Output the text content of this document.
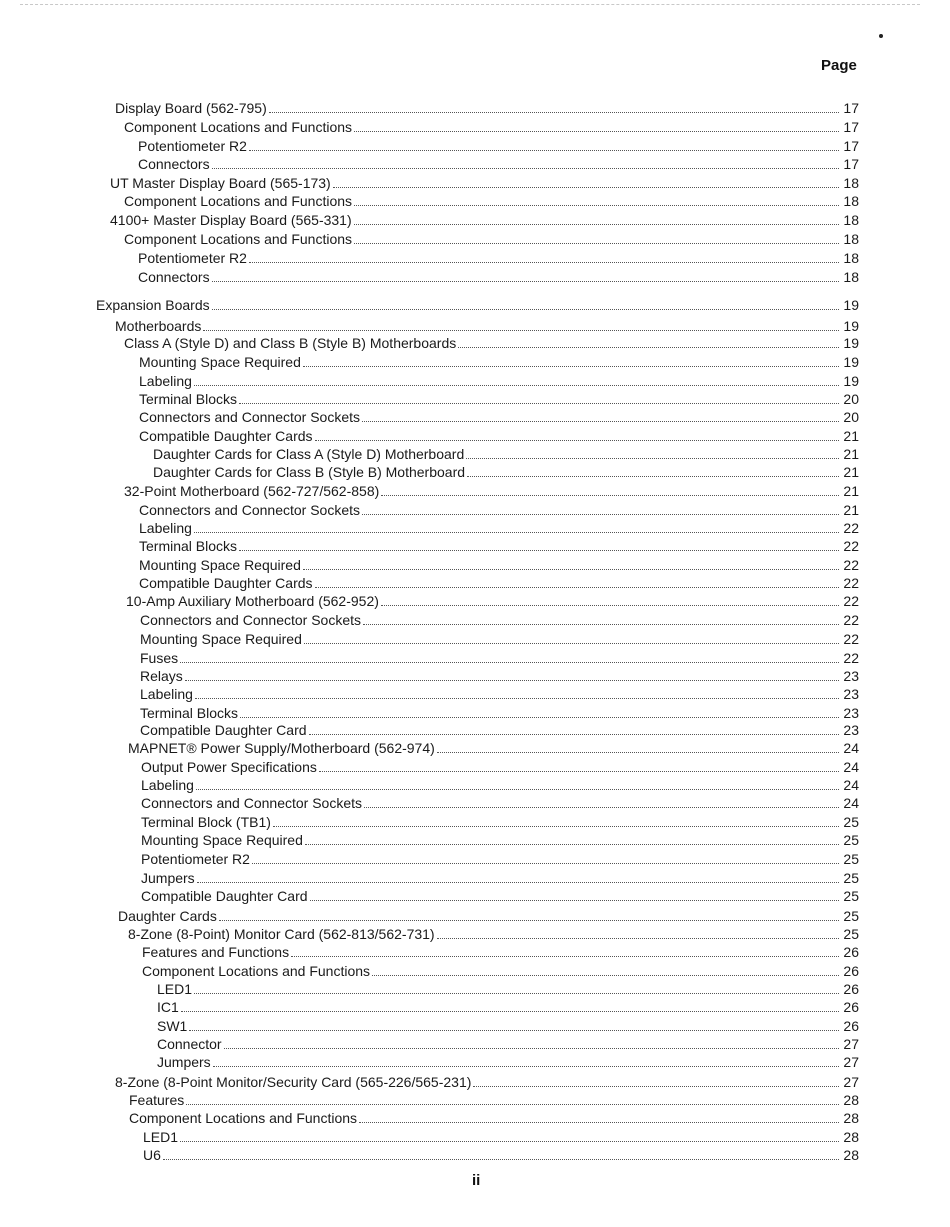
Page
Display Board (562-795)	17
Component Locations and Functions	17
Potentiometer R2	17
Connectors	17
UT Master Display Board (565-173)	18
Component Locations and Functions	18
4100+ Master Display Board (565-331)	18
Component Locations and Functions	18
Potentiometer R2	18
Connectors	18
Expansion Boards	19
Motherboards	19
Class A (Style D) and Class B (Style B) Motherboards	19
Mounting Space Required	19
Labeling	19
Terminal Blocks	20
Connectors and Connector Sockets	20
Compatible Daughter Cards	21
Daughter Cards for Class A (Style D) Motherboard	21
Daughter Cards for Class B (Style B) Motherboard	21
32-Point Motherboard (562-727/562-858)	21
Connectors and Connector Sockets	21
Labeling	22
Terminal Blocks	22
Mounting Space Required	22
Compatible Daughter Cards	22
10-Amp Auxiliary Motherboard (562-952)	22
Connectors and Connector Sockets	22
Mounting Space Required	22
Fuses	22
Relays	23
Labeling	23
Terminal Blocks	23
Compatible Daughter Card	23
MAPNET® Power Supply/Motherboard (562-974)	24
Output Power Specifications	24
Labeling	24
Connectors and Connector Sockets	24
Terminal Block (TB1)	25
Mounting Space Required	25
Potentiometer R2	25
Jumpers	25
Compatible Daughter Card	25
Daughter Cards	25
8-Zone (8-Point) Monitor Card (562-813/562-731)	25
Features and Functions	26
Component Locations and Functions	26
LED1	26
IC1	26
SW1	26
Connector	27
Jumpers	27
8-Zone (8-Point Monitor/Security Card (565-226/565-231)	27
Features	28
Component Locations and Functions	28
LED1	28
U6	28
ii
